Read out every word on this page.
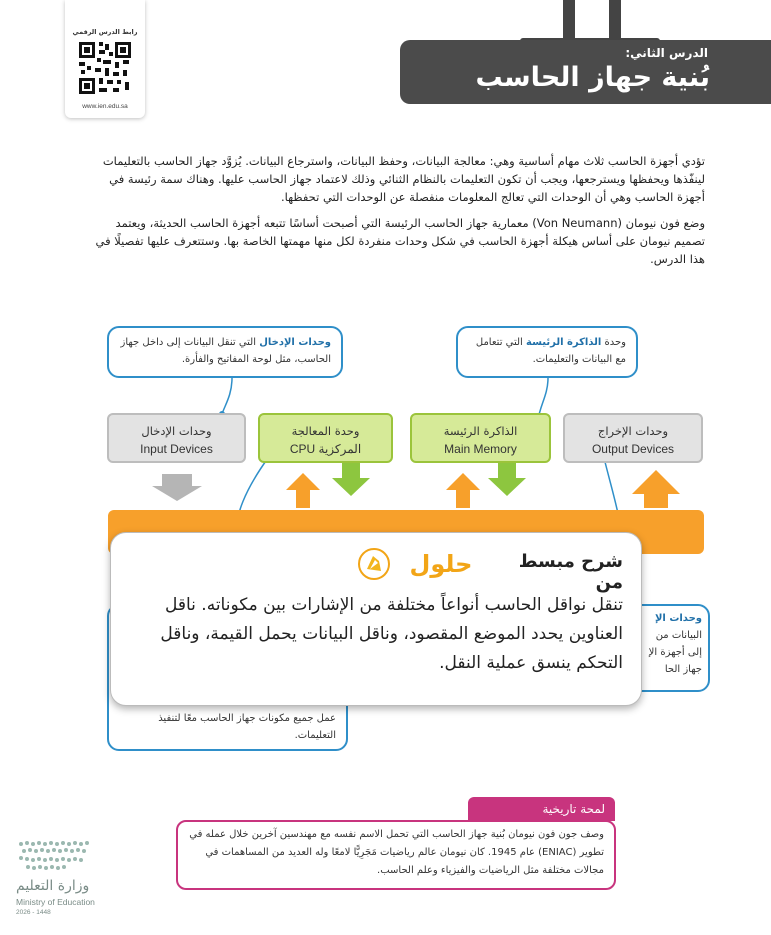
رابط الدرس الرقمي
www.ien.edu.sa
الدرس الثاني:
بُنية جهاز الحاسب
تؤدي أجهزة الحاسب ثلاث مهام أساسية وهي: معالجة البيانات، وحفظ البيانات، واسترجاع البيانات. يُزوَّد جهاز الحاسب بالتعليمات لينفّذها ويحفظها ويسترجعها، ويجب أن تكون التعليمات بالنظام الثنائي وذلك لاعتماد جهاز الحاسب عليها. وهناك سمة رئيسة في أجهزة الحاسب وهي أن الوحدات التي تعالج المعلومات منفصلة عن الوحدات التي تحفظها.
وضع فون نيومان (Von Neumann) معمارية جهاز الحاسب الرئيسة التي أصبحت أساسًا تتبعه أجهزة الحاسب الحديثة، ويعتمد تصميم نيومان على أساس هيكلة أجهزة الحاسب في شكل وحدات منفردة لكل منها مهمتها الخاصة بها. وستتعرف عليها تفصيلًا في هذا الدرس.
وحدات الإدخال التي تنقل البيانات إلى داخل جهاز الحاسب، مثل لوحة المفاتيح والفأرة.
وحدة الذاكرة الرئيسة التي تتعامل مع البيانات والتعليمات.
وحدات الإدخال
Input Devices
وحدة المعالجة
المركزية CPU
الذاكرة الرئيسة
Main Memory
وحدات الإخراج
Output Devices
وحدات الإ
البيانات من
إلى أجهزة الإ
جهاز الحا
عمل جميع مكونات جهاز الحاسب معًا لتنفيذ التعليمات.
شرح مبسط من
حلول
تنقل نواقل الحاسب أنواعاً مختلفة من الإشارات بين مكوناته. ناقل العناوين يحدد الموضع المقصود، وناقل البيانات يحمل القيمة، وناقل التحكم ينسق عملية النقل.
لمحة تاريخية
وصف جون فون نيومان بُنية جهاز الحاسب التي تحمل الاسم نفسه مع مهندسين آخرين خلال عمله في تطوير (ENIAC) عام 1945. كان نيومان عالم رياضيات مَجَرِيًّا لامعًا وله العديد من المساهمات في مجالات مختلفة مثل الرياضيات والفيزياء وعلم الحاسب.
وزارة التعليم
Ministry of Education
2026 - 1448
